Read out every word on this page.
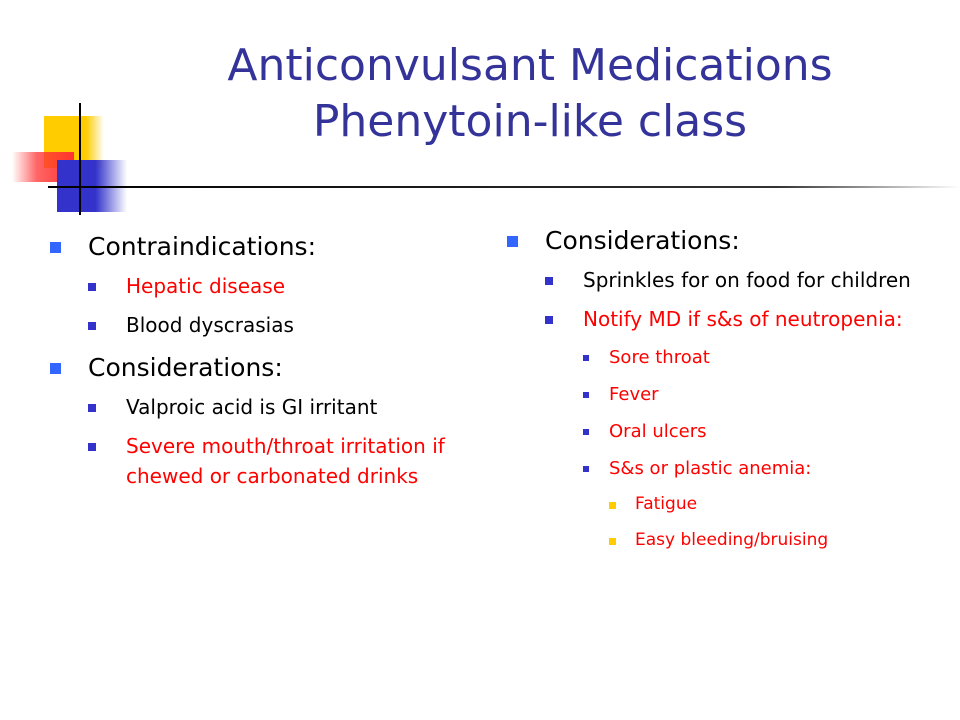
Anticonvulsant Medications
Phenytoin-like class
Contraindications:
Hepatic disease
Blood dyscrasias
Considerations:
Valproic acid is GI irritant
Severe mouth/throat irritation if chewed or carbonated drinks
Considerations:
Sprinkles for on food for children
Notify MD if s&s of neutropenia:
Sore throat
Fever
Oral ulcers
S&s or plastic anemia:
Fatigue
Easy bleeding/bruising
